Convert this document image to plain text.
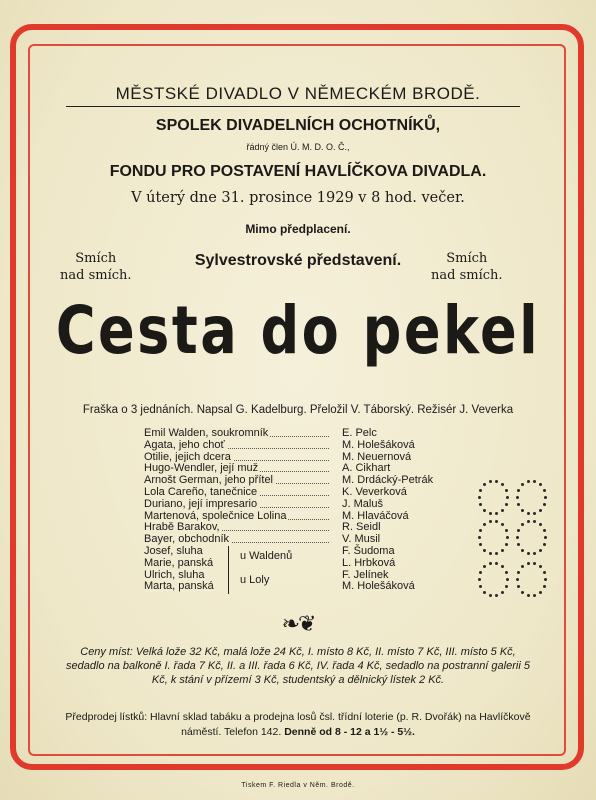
MĚSTSKÉ DIVADLO V NĚMECKÉM BRODĚ.
SPOLEK DIVADELNÍCH OCHOTNÍKŮ,
řádný člen Ú. M. D. O. Č.,
FONDU PRO POSTAVENÍ HAVLÍČKOVA DIVADLA.
V úterý dne 31. prosince 1929 v 8 hod. večer.
Mimo předplacení.
Smích
nad smích.
Sylvestrovské představení.	Smích
nad smích.
Cesta do pekel
Fraška o 3 jednáních. Napsal G. Kadelburg. Přeložil V. Táborský. Režisér J. Veverka
Emil Walden, soukromník	E. Pelc
Agata, jeho choť	M. Holešáková
Otilie, jejich dcera	M. Neuernová
Hugo-Wendler, její muž	A. Cikhart
Arnošt German, jeho přítel	M. Drdácký-Petrák
Lola Careño, tanečnice	K. Veverková
Duriano, její impresario	J. Maluš
Martenová, společnice Lolina	M. Hlaváčová
Hrabě Barakov,	R. Seidl
Bayer, obchodník	V. Musil
Josef, sluha	F. Šudoma
u Waldenů
Marie, panská	L. Hrbková
Ulrich, sluha	F. Jelínek
u Loly
Marta, panská	M. Holešáková
❧❦
Ceny míst: Velká lože 32 Kč, malá lože 24 Kč, I. místo 8 Kč, II. místo 7 Kč, III. místo 5 Kč, sedadlo na balkoně I. řada 7 Kč, II. a III. řada 6 Kč, IV. řada 4 Kč, sedadlo na postranní galerii 5 Kč, k stání v přízemí 3 Kč, studentský a dělnický lístek 2 Kč.
Předprodej lístků: Hlavní sklad tabáku a prodejna losů čsl. třídní loterie (p. R. Dvořák) na Havlíčkově náměstí. Telefon 142. Denně od 8 - 12 a 1½ - 5½.
Tiskem F. Riedla v Něm. Brodě.
